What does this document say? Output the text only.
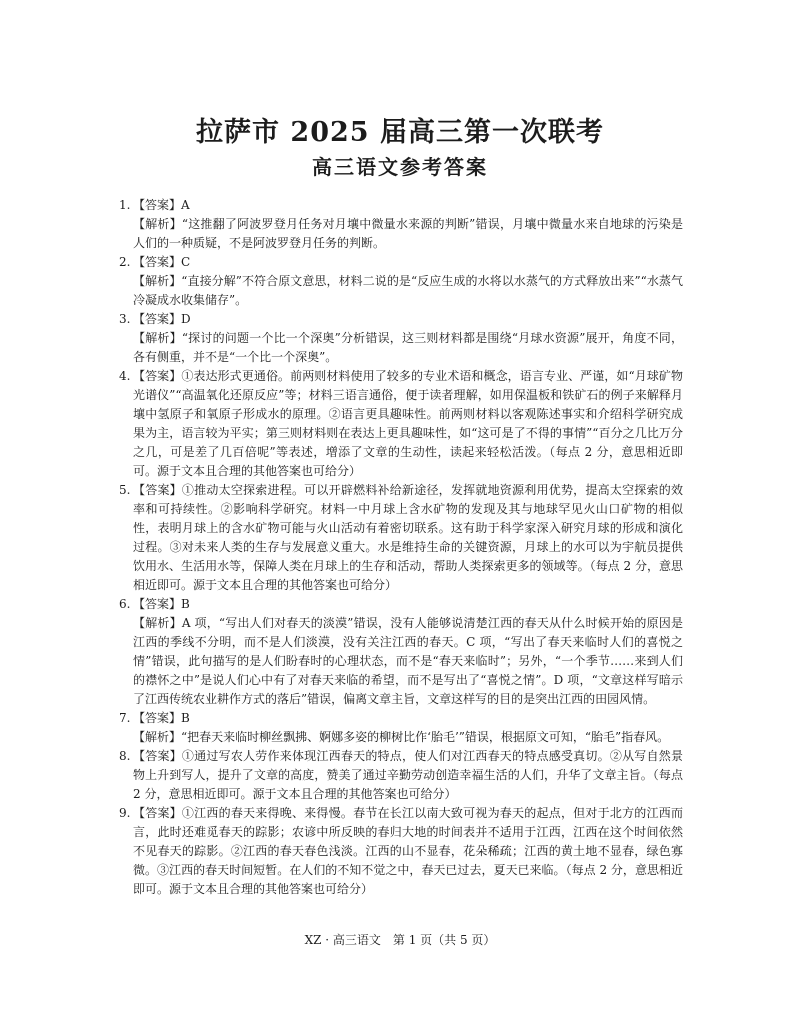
拉萨市 2025 届高三第一次联考
高三语文参考答案
1. 【答案】A

【解析】“这推翻了阿波罗登月任务对月壤中微量水来源的判断”错误，月壤中微量水来自地球的污染是人们的一种质疑，不是阿波罗登月任务的判断。

2. 【答案】C

【解析】“直接分解”不符合原文意思，材料二说的是“反应生成的水将以水蒸气的方式释放出来”“水蒸气冷凝成水收集储存”。

3. 【答案】D

【解析】“探讨的问题一个比一个深奥”分析错误，这三则材料都是围绕“月球水资源”展开，角度不同，各有侧重，并不是“一个比一个深奥”。

4. 【答案】①表达形式更通俗。前两则材料使用了较多的专业术语和概念，语言专业、严谨，如“月球矿物光谱仪”“高温氧化还原反应”等；材料三语言通俗，便于读者理解，如用保温板和铁矿石的例子来解释月壤中氢原子和氧原子形成水的原理。②语言更具趣味性。前两则材料以客观陈述事实和介绍科学研究成果为主，语言较为平实；第三则材料则在表达上更具趣味性，如“这可是了不得的事情”“百分之几比万分之几，可是差了几百倍呢”等表述，增添了文章的生动性，读起来轻松活泼。（每点 2 分，意思相近即可。源于文本且合理的其他答案也可给分）

5. 【答案】①推动太空探索进程。可以开辟燃料补给新途径，发挥就地资源利用优势，提高太空探索的效率和可持续性。②影响科学研究。材料一中月球上含水矿物的发现及其与地球罕见火山口矿物的相似性，表明月球上的含水矿物可能与火山活动有着密切联系。这有助于科学家深入研究月球的形成和演化过程。③对未来人类的生存与发展意义重大。水是维持生命的关键资源，月球上的水可以为宇航员提供饮用水、生活用水等，保障人类在月球上的生存和活动，帮助人类探索更多的领域等。（每点 2 分，意思相近即可。源于文本且合理的其他答案也可给分）

6. 【答案】B

【解析】A 项，“写出人们对春天的淡漠”错误，没有人能够说清楚江西的春天从什么时候开始的原因是江西的季线不分明，而不是人们淡漠，没有关注江西的春天。C 项，“写出了春天来临时人们的喜悦之情”错误，此句描写的是人们盼春时的心理状态，而不是“春天来临时”；另外，“一个季节……来到人们的襟怀之中”是说人们心中有了对春天来临的希望，而不是写出了“喜悦之情”。D 项，“文章这样写暗示了江西传统农业耕作方式的落后”错误，偏离文章主旨，文章这样写的目的是突出江西的田园风情。

7. 【答案】B

【解析】“把春天来临时柳丝飘拂、婀娜多姿的柳树比作‘胎毛’”错误，根据原文可知，“胎毛”指春风。

8. 【答案】①通过写农人劳作来体现江西春天的特点，使人们对江西春天的特点感受真切。②从写自然景物上升到写人，提升了文章的高度，赞美了通过辛勤劳动创造幸福生活的人们，升华了文章主旨。（每点 2 分，意思相近即可。源于文本且合理的其他答案也可给分）

9. 【答案】①江西的春天来得晚、来得慢。春节在长江以南大致可视为春天的起点，但对于北方的江西而言，此时还难觅春天的踪影；农谚中所反映的春归大地的时间表并不适用于江西，江西在这个时间依然不见春天的踪影。②江西的春天春色浅淡。江西的山不显春，花朵稀疏；江西的黄土地不显春，绿色寡微。③江西的春天时间短暂。在人们的不知不觉之中，春天已过去，夏天已来临。（每点 2 分，意思相近即可。源于文本且合理的其他答案也可给分）

XZ · 高三语文　第 1 页（共 5 页）
